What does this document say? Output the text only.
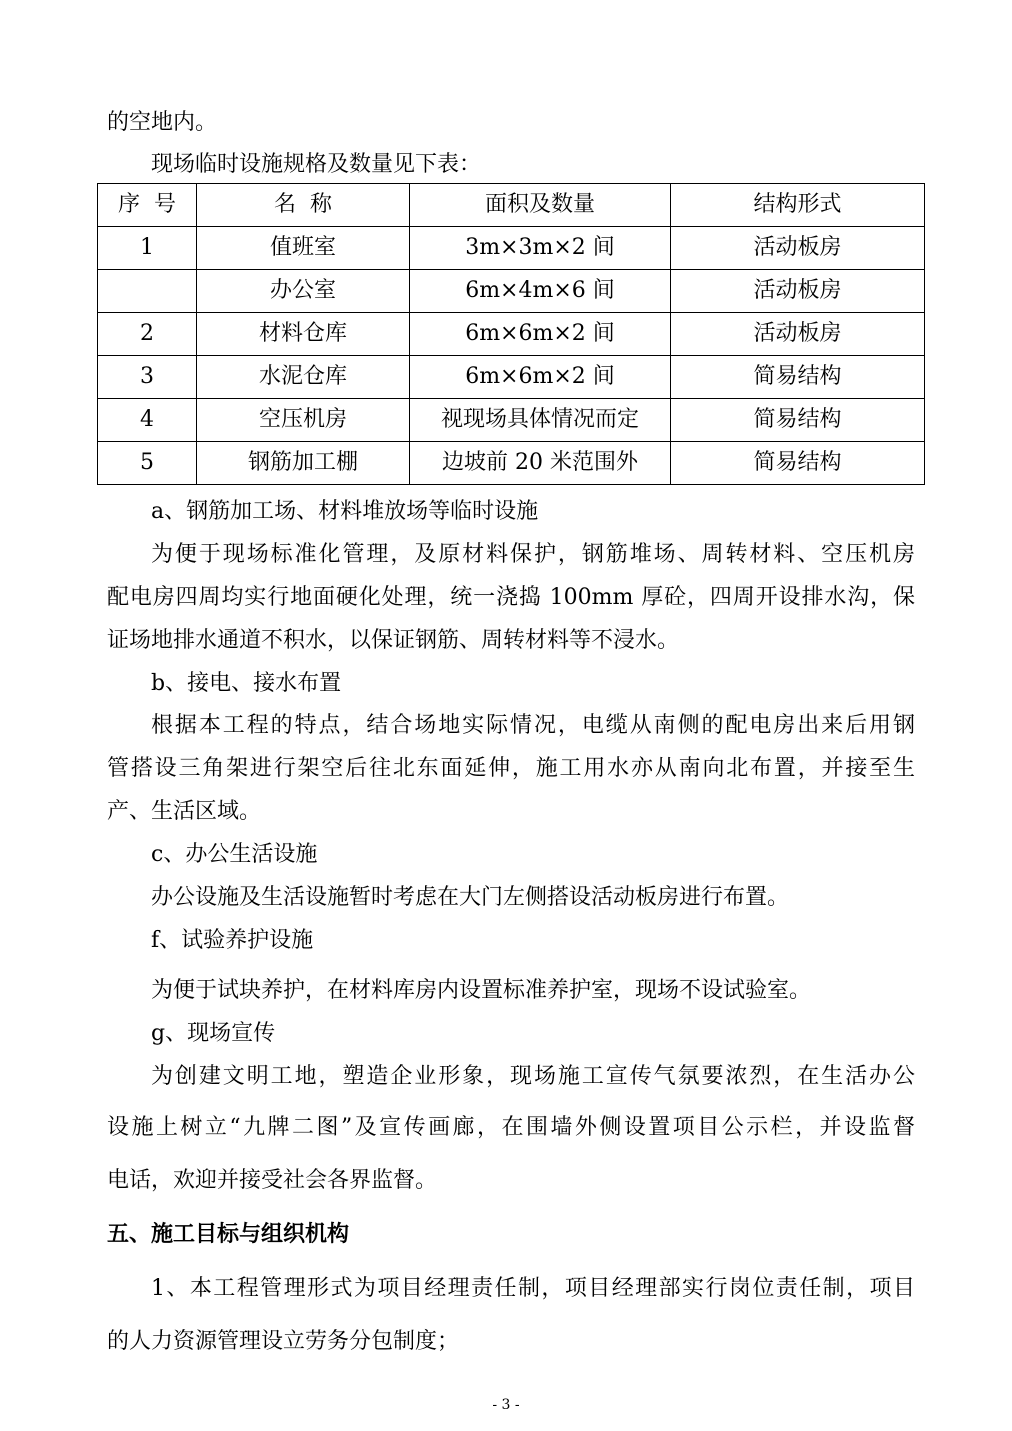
的空地内。
现场临时设施规格及数量见下表：
序  号	名  称	面积及数量	结构形式
1	值班室	3m×3m×2 间	活动板房
	办公室	6m×4m×6 间	活动板房
2	材料仓库	6m×6m×2 间	活动板房
3	水泥仓库	6m×6m×2 间	简易结构
4	空压机房	视现场具体情况而定	简易结构
5	钢筋加工棚	边坡前 20 米范围外	简易结构
a、钢筋加工场、材料堆放场等临时设施
为便于现场标准化管理，及原材料保护，钢筋堆场、周转材料、空压机房
配电房四周均实行地面硬化处理，统一浇捣 100mm 厚砼，四周开设排水沟，保
证场地排水通道不积水，以保证钢筋、周转材料等不浸水。
b、接电、接水布置
根据本工程的特点，结合场地实际情况，电缆从南侧的配电房出来后用钢
管搭设三角架进行架空后往北东面延伸，施工用水亦从南向北布置，并接至生
产、生活区域。
c、办公生活设施
办公设施及生活设施暂时考虑在大门左侧搭设活动板房进行布置。
f、试验养护设施
为便于试块养护，在材料库房内设置标准养护室，现场不设试验室。
g、现场宣传
为创建文明工地，塑造企业形象，现场施工宣传气氛要浓烈，在生活办公
设施上树立“九牌二图”及宣传画廊，在围墙外侧设置项目公示栏，并设监督
电话，欢迎并接受社会各界监督。
五、施工目标与组织机构
1、本工程管理形式为项目经理责任制，项目经理部实行岗位责任制，项目
的人力资源管理设立劳务分包制度；
- 3 -
